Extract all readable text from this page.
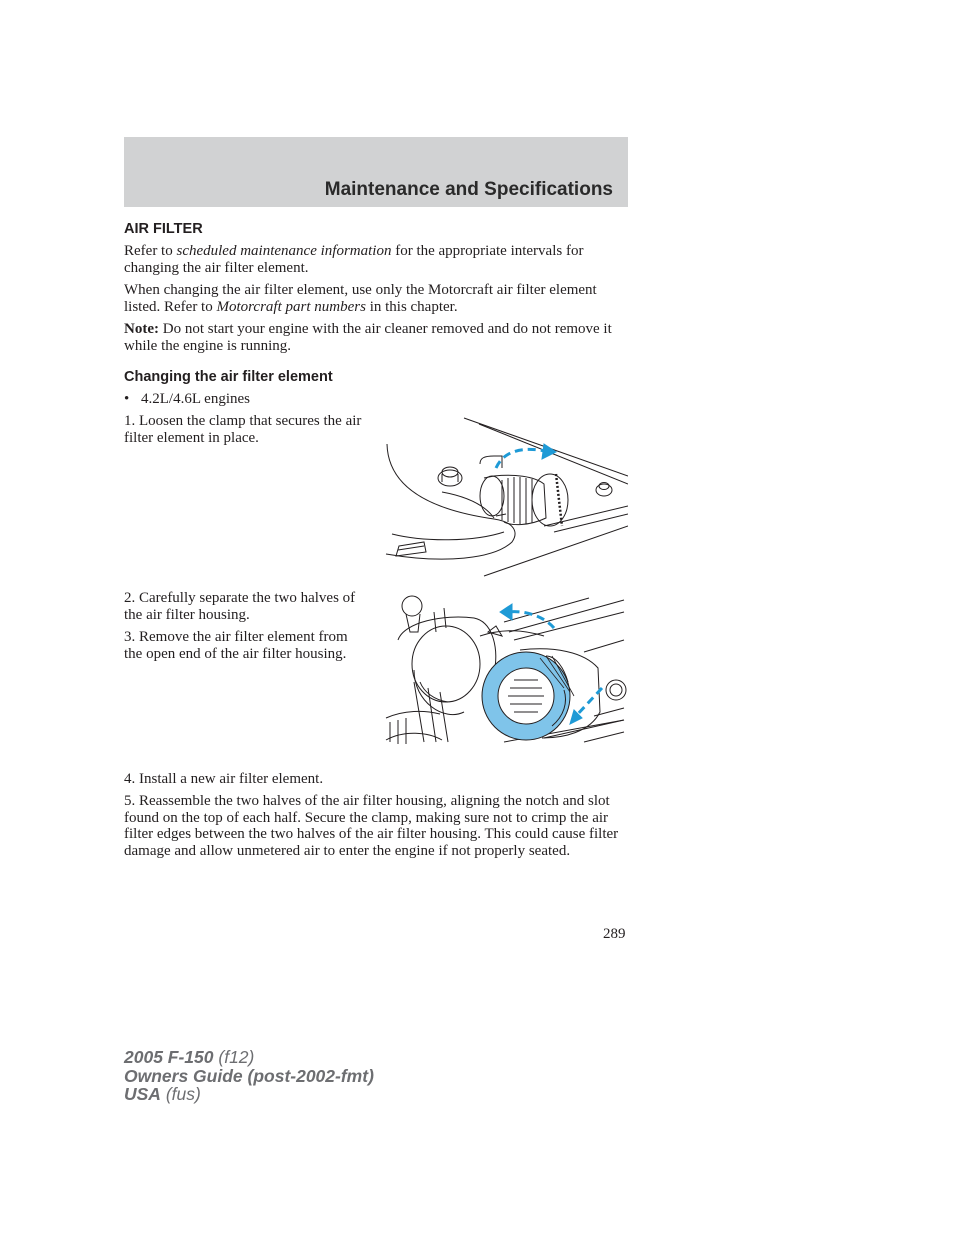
Maintenance and Specifications
AIR FILTER

Refer to scheduled maintenance information for the appropriate intervals for changing the air filter element.

When changing the air filter element, use only the Motorcraft air filter element listed. Refer to Motorcraft part numbers in this chapter.

Note: Do not start your engine with the air cleaner removed and do not remove it while the engine is running.

Changing the air filter element
• 4.2L/4.6L engines

1. Loosen the clamp that secures the air filter element in place.

2. Carefully separate the two halves of the air filter housing.

3. Remove the air filter element from the open end of the air filter housing.

4. Install a new air filter element.

5. Reassemble the two halves of the air filter housing, aligning the notch and slot found on the top of each half. Secure the clamp, making sure not to crimp the air filter edges between the two halves of the air filter housing. This could cause filter damage and allow unmetered air to enter the engine if not properly seated.

289
2005 F-150 (f12)
Owners Guide (post-2002-fmt)
USA (fus)
